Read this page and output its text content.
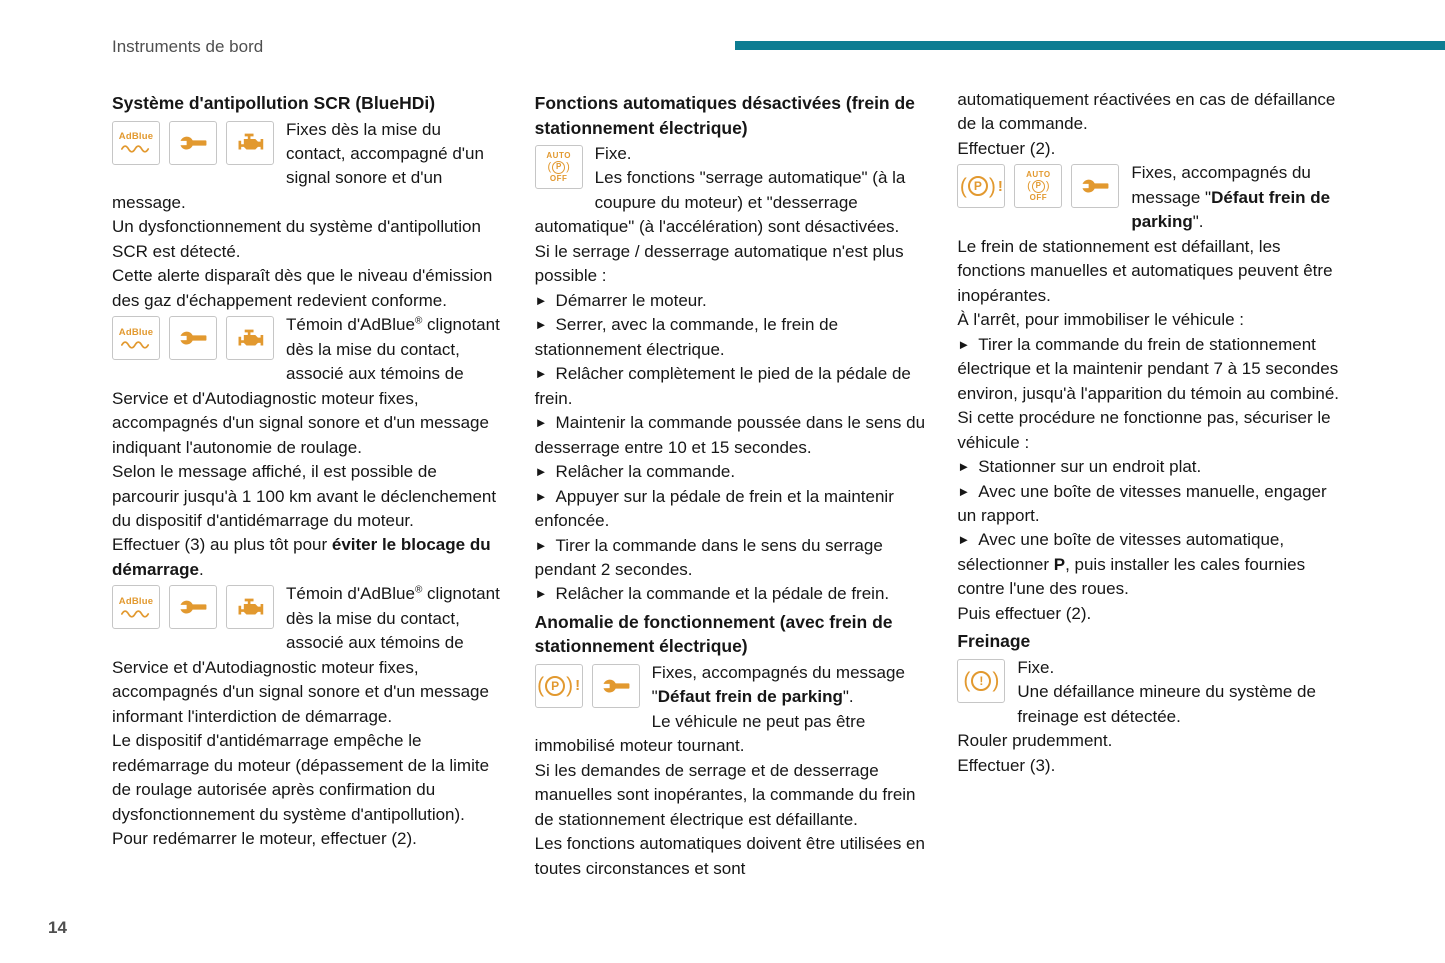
Instruments de bord
Système d'antipollution SCR (BlueHDi)
AdBlue	Fixes dès la mise du contact, accompagné d'un signal sonore et d'un message.

Un dysfonctionnement du système d'antipollution SCR est détecté.

Cette alerte disparaît dès que le niveau d'émission des gaz d'échappement redevient conforme.

AdBlue	Témoin d'AdBlue® clignotant dès la mise du contact, associé aux témoins de Service et d'Autodiagnostic moteur fixes, accompagnés d'un signal sonore et d'un message indiquant l'autonomie de roulage.

Selon le message affiché, il est possible de parcourir jusqu'à 1 100 km avant le déclenchement du dispositif d'antidémarrage du moteur.

Effectuer (3) au plus tôt pour éviter le blocage du démarrage.

AdBlue	Témoin d'AdBlue® clignotant dès la mise du contact, associé aux témoins de Service et d'Autodiagnostic moteur fixes, accompagnés d'un signal sonore et d'un message informant l'interdiction de démarrage.

Le dispositif d'antidémarrage empêche le redémarrage du moteur (dépassement de la limite de roulage autorisée après confirmation du dysfonctionnement du système d'antipollution).

Pour redémarrer le moteur, effectuer (2).

Fonctions automatiques désactivées (frein de stationnement électrique)
AUTO
( P )
OFF
Fixe.
Les fonctions "serrage automatique" (à la coupure du moteur) et "desserrage automatique" (à l'accélération) sont désactivées.

Si le serrage / desserrage automatique n'est plus possible :

► Démarrer le moteur.

► Serrer, avec la commande, le frein de stationnement électrique.

► Relâcher complètement le pied de la pédale de frein.

► Maintenir la commande poussée dans le sens du desserrage entre 10 et 15 secondes.

► Relâcher la commande.

► Appuyer sur la pédale de frein et la maintenir enfoncée.

► Tirer la commande dans le sens du serrage pendant 2 secondes.

► Relâcher la commande et la pédale de frein.

Anomalie de fonctionnement (avec frein de stationnement électrique)
( P ) !
Fixes, accompagnés du message "Défaut frein de parking".

Le véhicule ne peut pas être immobilisé moteur tournant.

Si les demandes de serrage et de desserrage manuelles sont inopérantes, la commande du frein de stationnement électrique est défaillante.

Les fonctions automatiques doivent être utilisées en toutes circonstances et sont

automatiquement réactivées en cas de défaillance de la commande.

Effectuer (2).

( P ) !
AUTO
( P )
OFF
Fixes, accompagnés du message "Défaut frein de parking".

Le frein de stationnement est défaillant, les fonctions manuelles et automatiques peuvent être inopérantes.

À l'arrêt, pour immobiliser le véhicule :

► Tirer la commande du frein de stationnement électrique et la maintenir pendant 7 à 15 secondes environ, jusqu'à l'apparition du témoin au combiné.

Si cette procédure ne fonctionne pas, sécuriser le véhicule :

► Stationner sur un endroit plat.

► Avec une boîte de vitesses manuelle, engager un rapport.

► Avec une boîte de vitesses automatique, sélectionner P, puis installer les cales fournies contre l'une des roues.

Puis effectuer (2).

Freinage
( ! )
Fixe.
Une défaillance mineure du système de freinage est détectée.

Rouler prudemment.

Effectuer (3).

14
